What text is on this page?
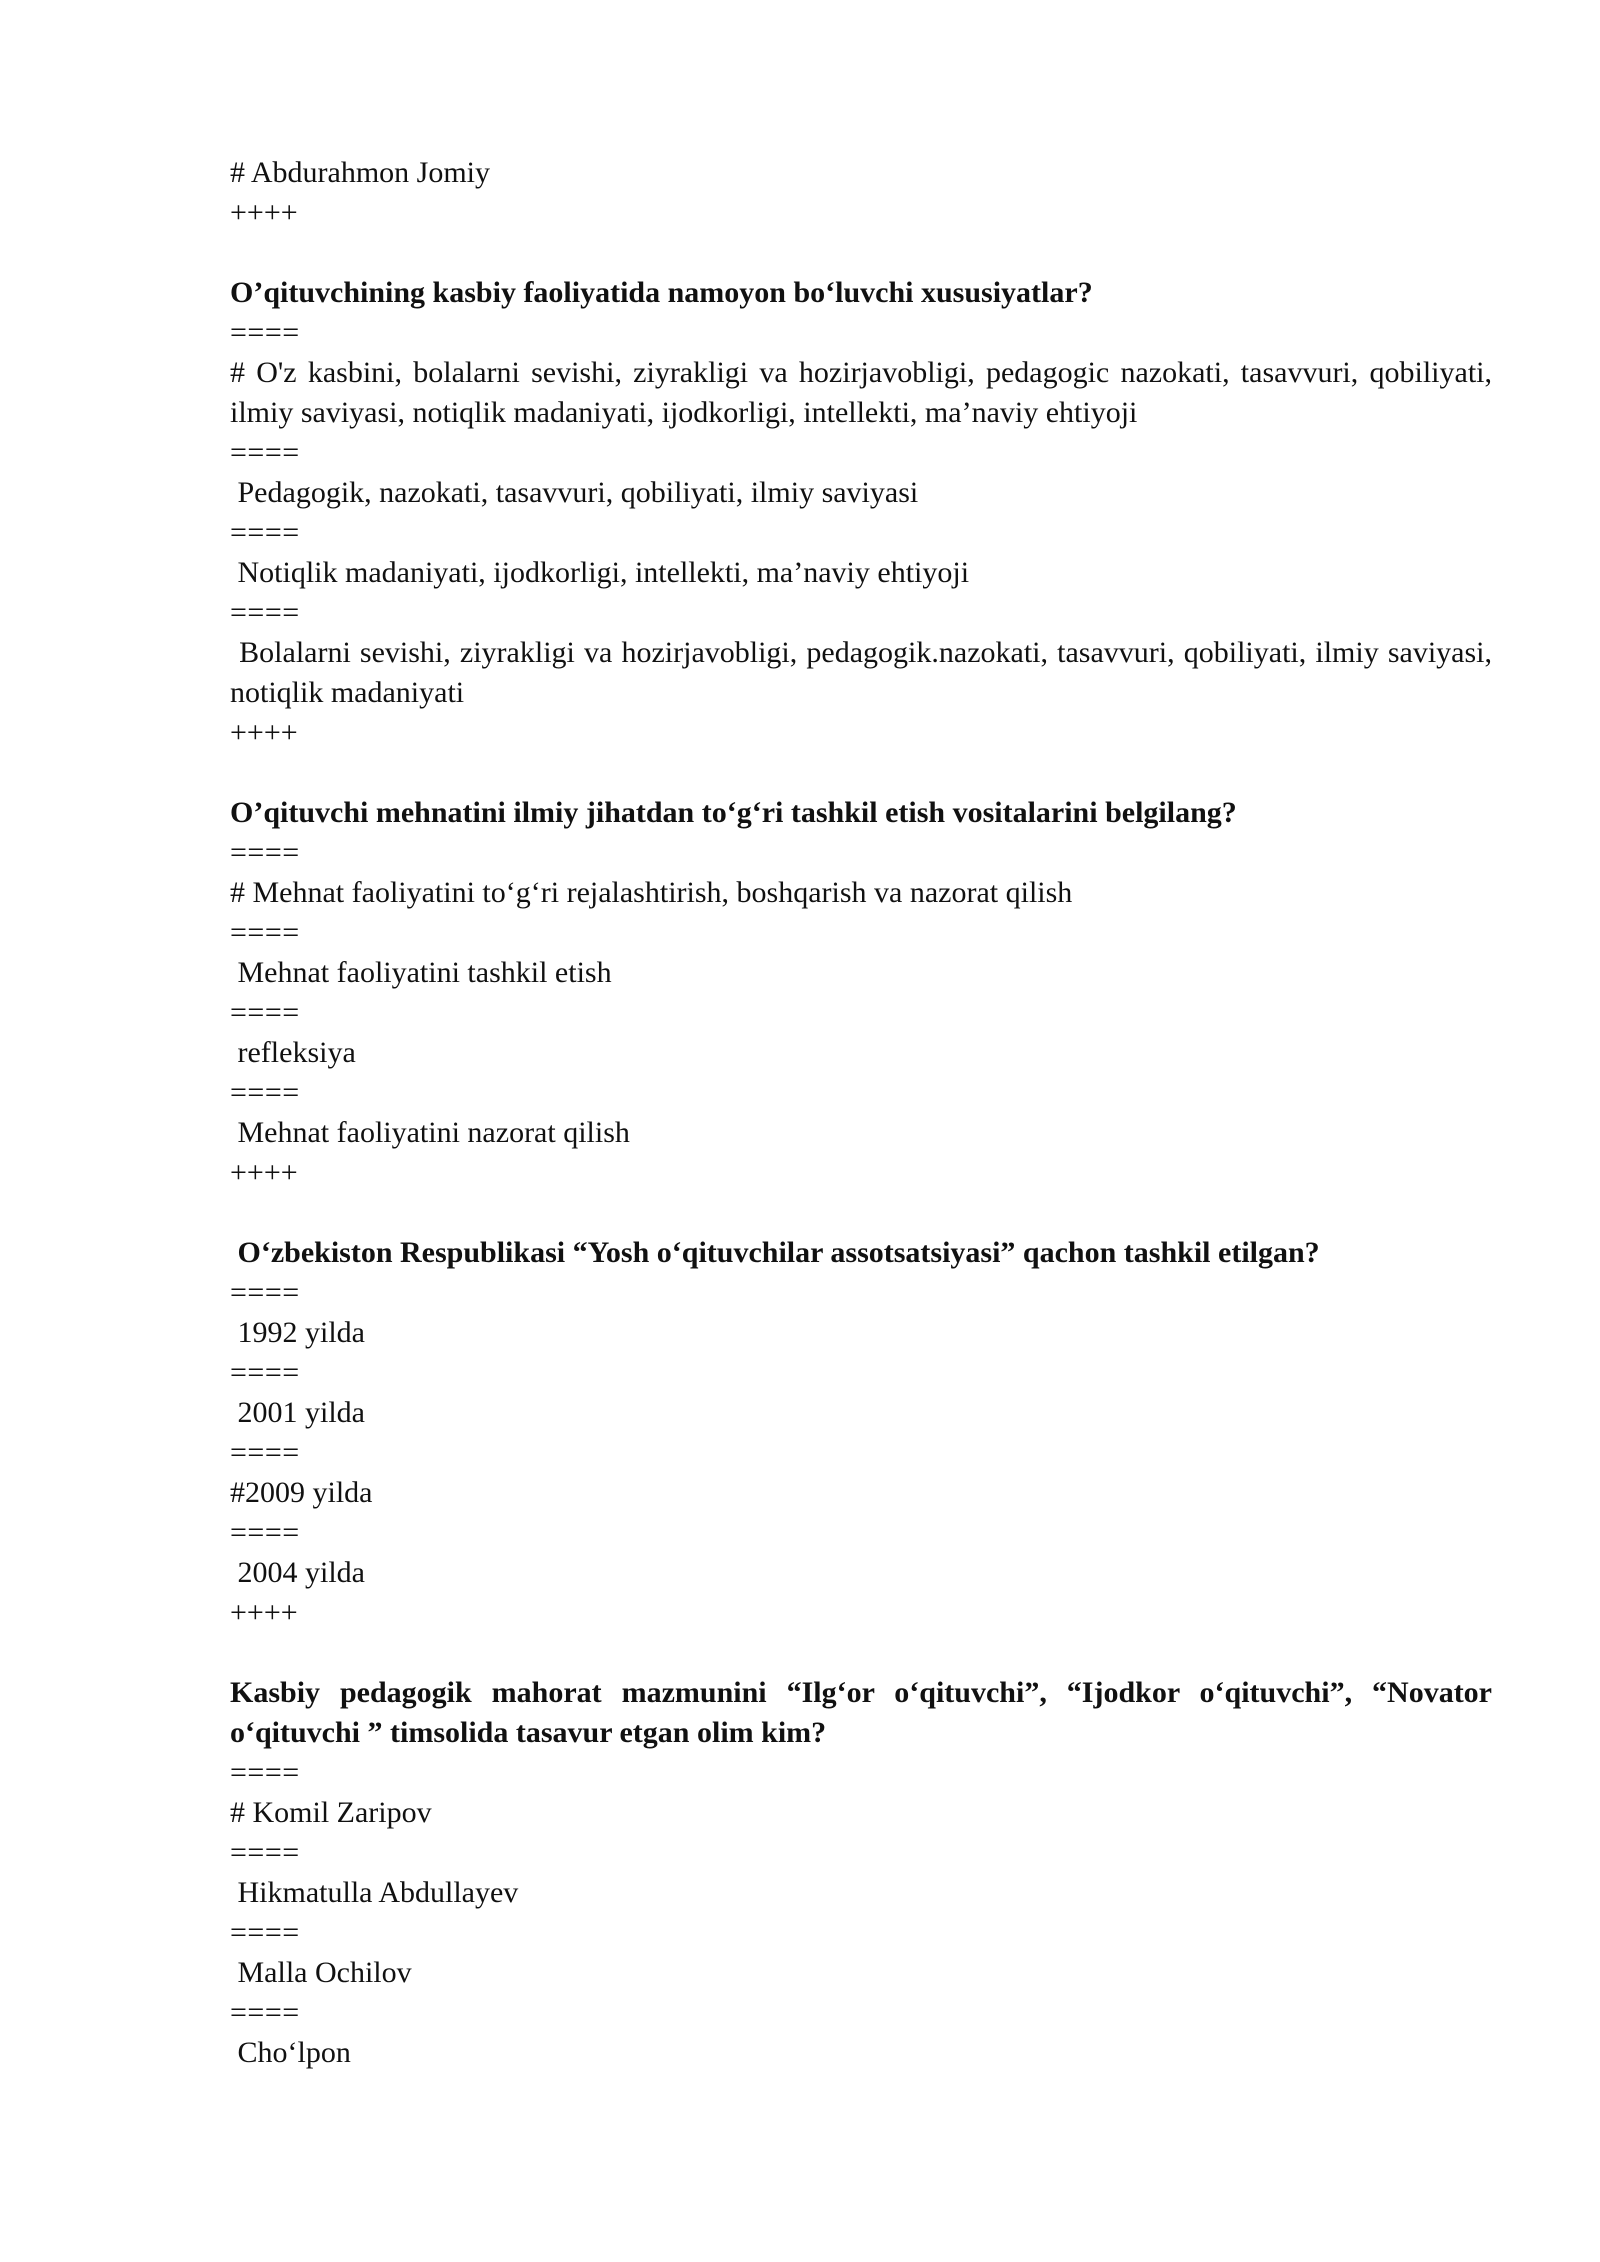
# Abdurahmon Jomiy

++++

O’qituvchining kasbiy faoliyatida namoyon bo‘luvchi xususiyatlar?

====

# O'z kasbini, bolalarni sevishi, ziyrakligi va hozirjavobligi, pedagogic nazokati, tasavvuri, qobiliyati, ilmiy saviyasi, notiqlik madaniyati, ijodkorligi, intellekti, ma’naviy ehtiyoji

====

Pedagogik, nazokati, tasavvuri, qobiliyati, ilmiy saviyasi

====

Notiqlik madaniyati, ijodkorligi, intellekti, ma’naviy ehtiyoji

====

Bolalarni sevishi, ziyrakligi va hozirjavobligi, pedagogik.nazokati, tasavvuri, qobiliyati, ilmiy saviyasi, notiqlik madaniyati

++++

O’qituvchi mehnatini ilmiy jihatdan to‘g‘ri tashkil etish vositalarini belgilang?

====

# Mehnat faoliyatini to‘g‘ri rejalashtirish, boshqarish va nazorat qilish

====

Mehnat faoliyatini tashkil etish

====

refleksiya

====

Mehnat faoliyatini nazorat qilish

++++

O‘zbekiston Respublikasi “Yosh o‘qituvchilar assotsatsiyasi” qachon tashkil etilgan?

====

1992 yilda

====

2001 yilda

====

#2009 yilda

====

2004 yilda

++++

Kasbiy pedagogik mahorat mazmunini “Ilg‘or o‘qituvchi”, “Ijodkor o‘qituvchi”, “Novator o‘qituvchi ” timsolida tasavur etgan olim kim?

====

# Komil Zaripov

====

Hikmatulla Abdullayev

====

Malla Ochilov

====

Cho‘lpon
